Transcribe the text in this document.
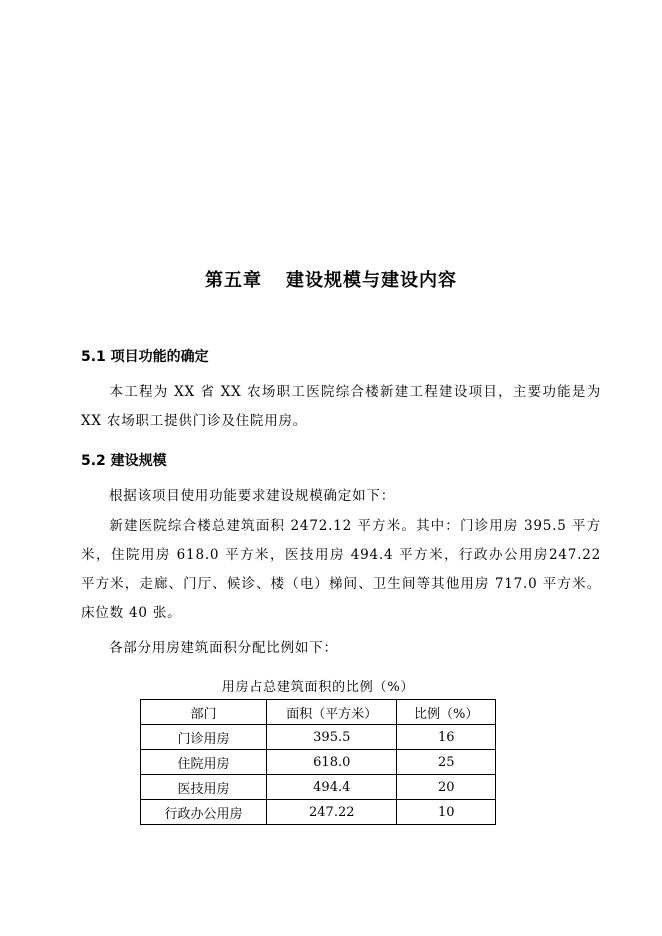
第五章 建设规模与建设内容
5.1 项目功能的确定
本工程为 XX 省 XX 农场职工医院综合楼新建工程建设项目，主要功能是为 XX 农场职工提供门诊及住院用房。
5.2 建设规模
根据该项目使用功能要求建设规模确定如下：
新建医院综合楼总建筑面积 2472.12 平方米。其中：门诊用房 395.5 平方米，住院用房 618.0 平方米，医技用房 494.4 平方米，行政办公用房247.22 平方米，走廊、门厅、候诊、楼（电）梯间、卫生间等其他用房 717.0 平方米。床位数 40 张。
各部分用房建筑面积分配比例如下：
用房占总建筑面积的比例（%）
部门	面积（平方米）	比例（%）
门诊用房	395.5	16
住院用房	618.0	25
医技用房	494.4	20
行政办公用房	247.22	10
